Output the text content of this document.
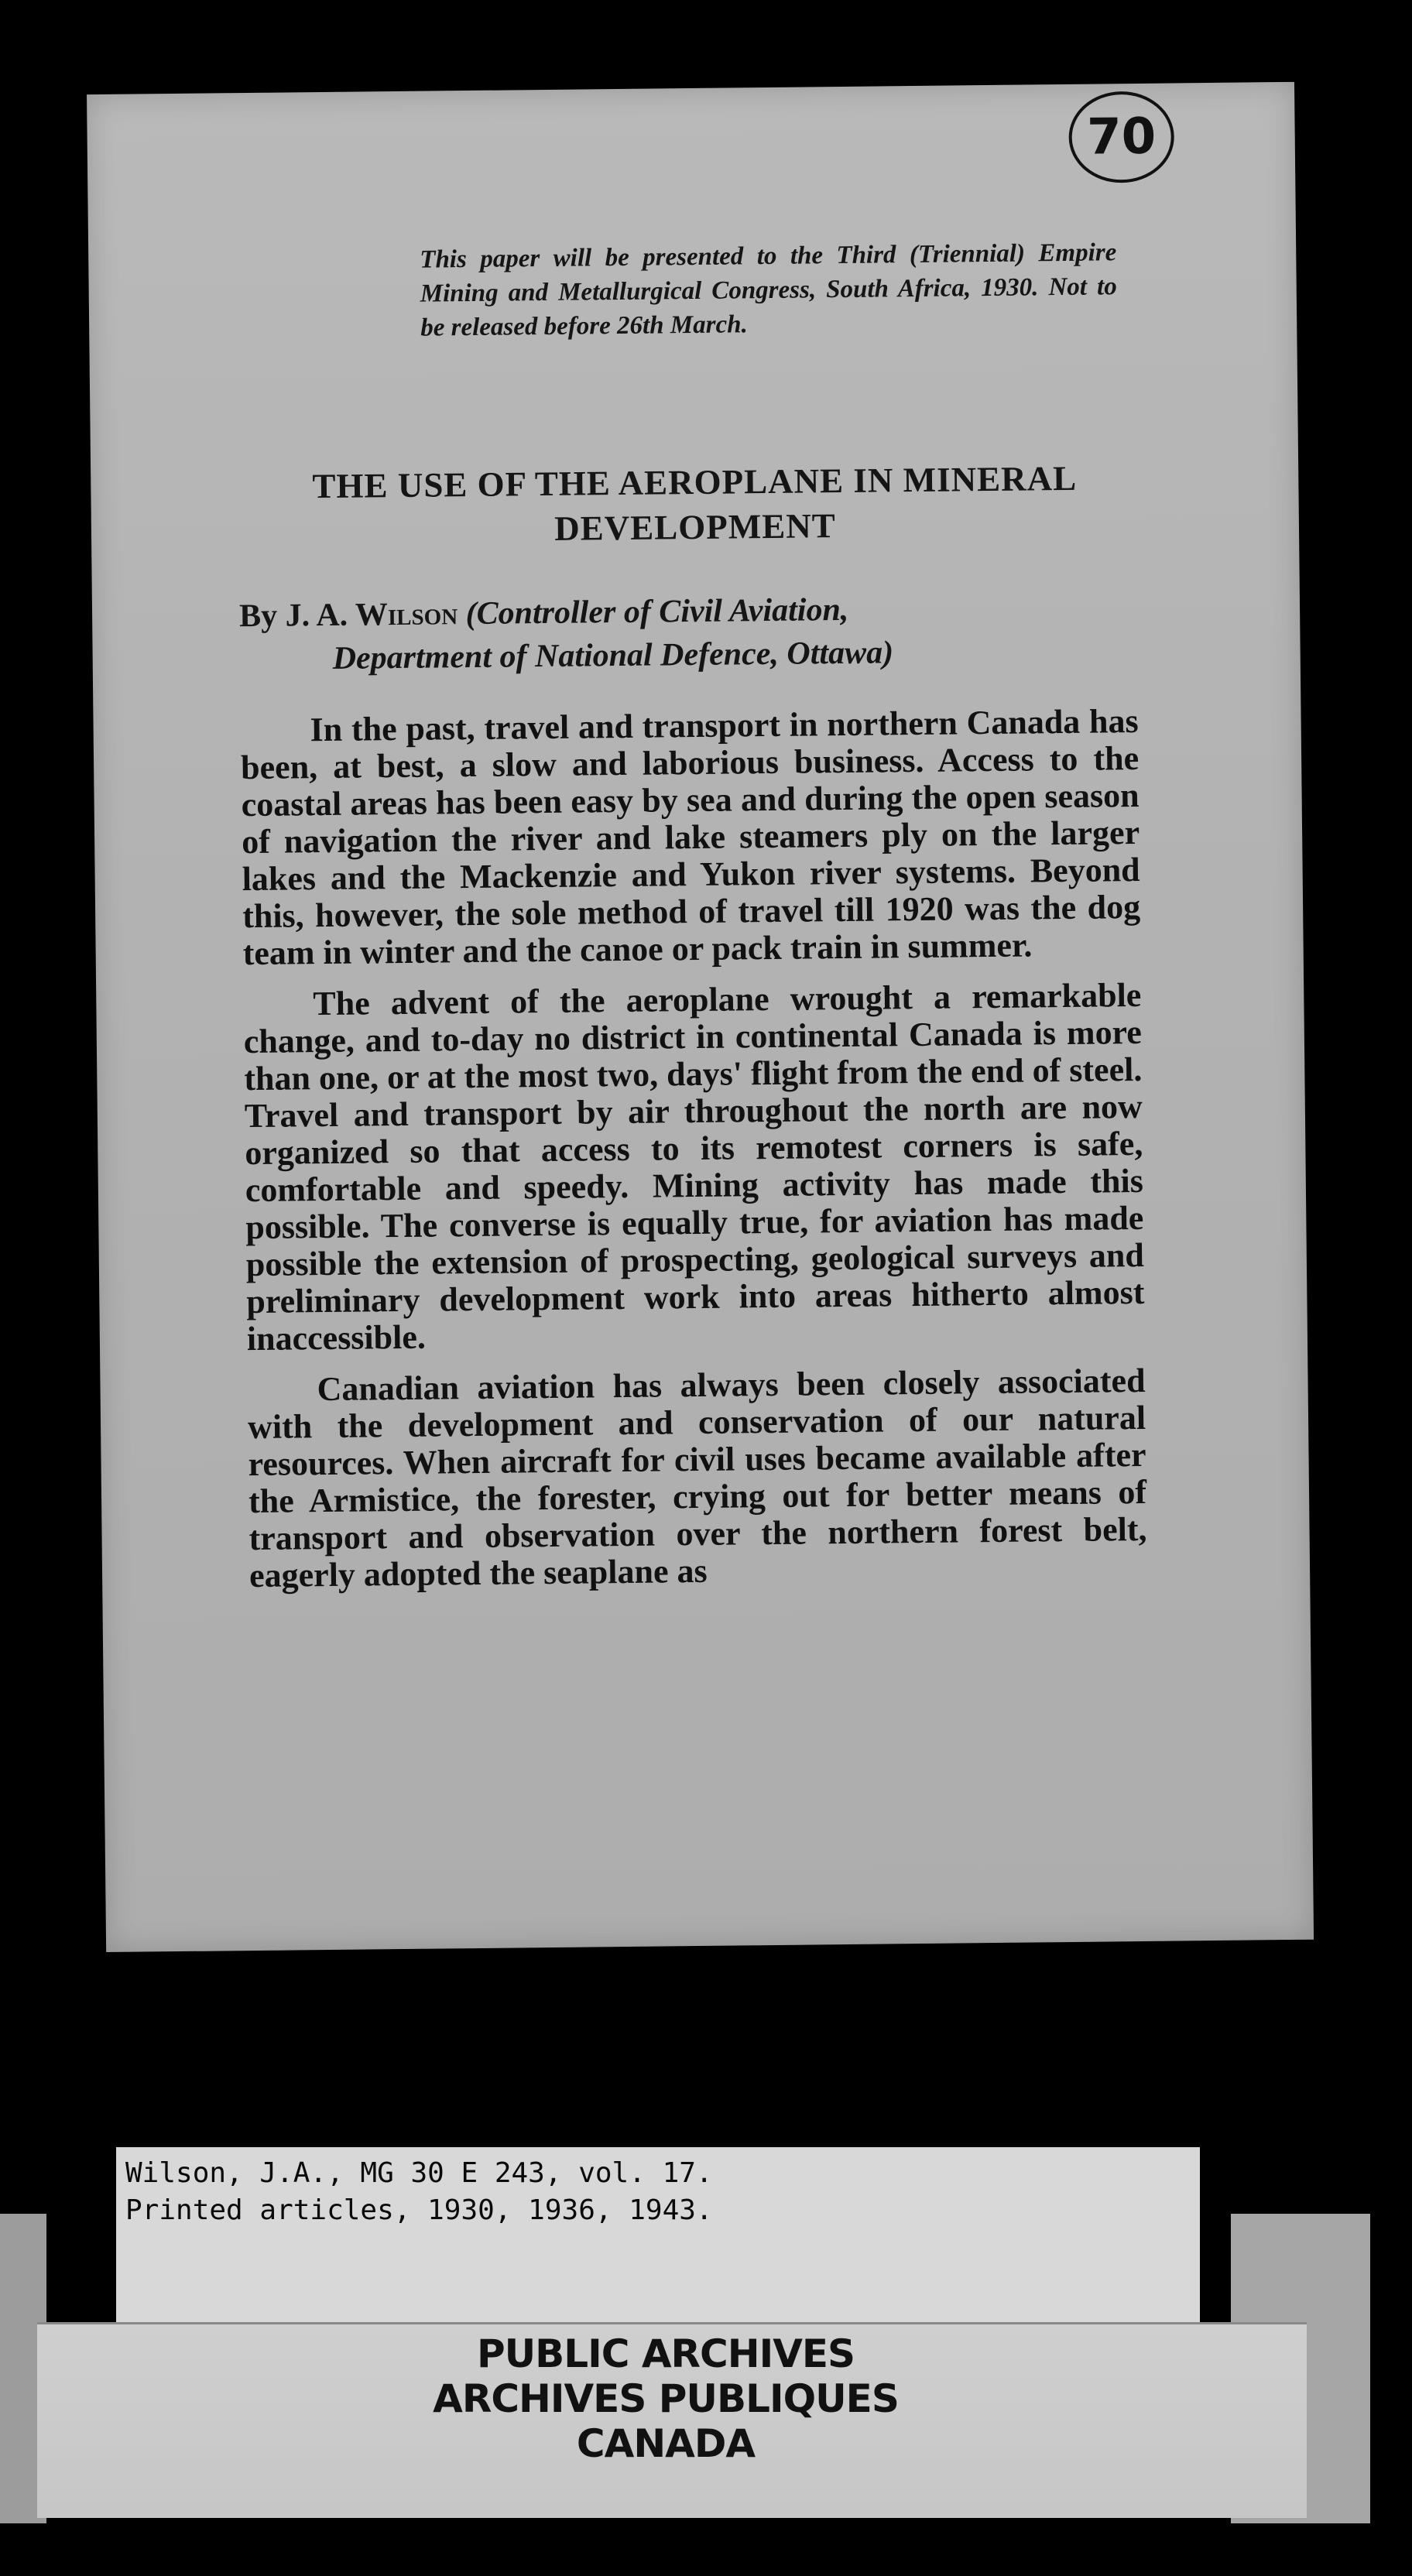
70
This paper will be presented to the Third (Triennial) Empire Mining and Metallurgical Congress, South Africa, 1930. Not to be released before 26th March.
THE USE OF THE AEROPLANE IN MINERAL
DEVELOPMENT
By J. A. Wilson (Controller of Civil Aviation,
Department of National Defence, Ottawa)

In the past, travel and transport in northern Canada has been, at best, a slow and laborious business. Access to the coastal areas has been easy by sea and during the open season of navigation the river and lake steamers ply on the larger lakes and the Mackenzie and Yukon river systems. Beyond this, however, the sole method of travel till 1920 was the dog team in winter and the canoe or pack train in summer.

The advent of the aeroplane wrought a remarkable change, and to-day no district in continental Canada is more than one, or at the most two, days' flight from the end of steel. Travel and transport by air throughout the north are now organized so that access to its remotest corners is safe, comfortable and speedy. Mining activity has made this possible. The converse is equally true, for aviation has made possible the extension of prospecting, geological surveys and preliminary development work into areas hitherto almost inaccessible.

Canadian aviation has always been closely associated with the development and conservation of our natural resources. When aircraft for civil uses became available after the Armistice, the forester, crying out for better means of transport and observation over the northern forest belt, eagerly adopted the seaplane as

Wilson, J.A., MG 30 E 243, vol. 17.
Printed articles, 1930, 1936, 1943.
PUBLIC ARCHIVES
ARCHIVES PUBLIQUES
CANADA
